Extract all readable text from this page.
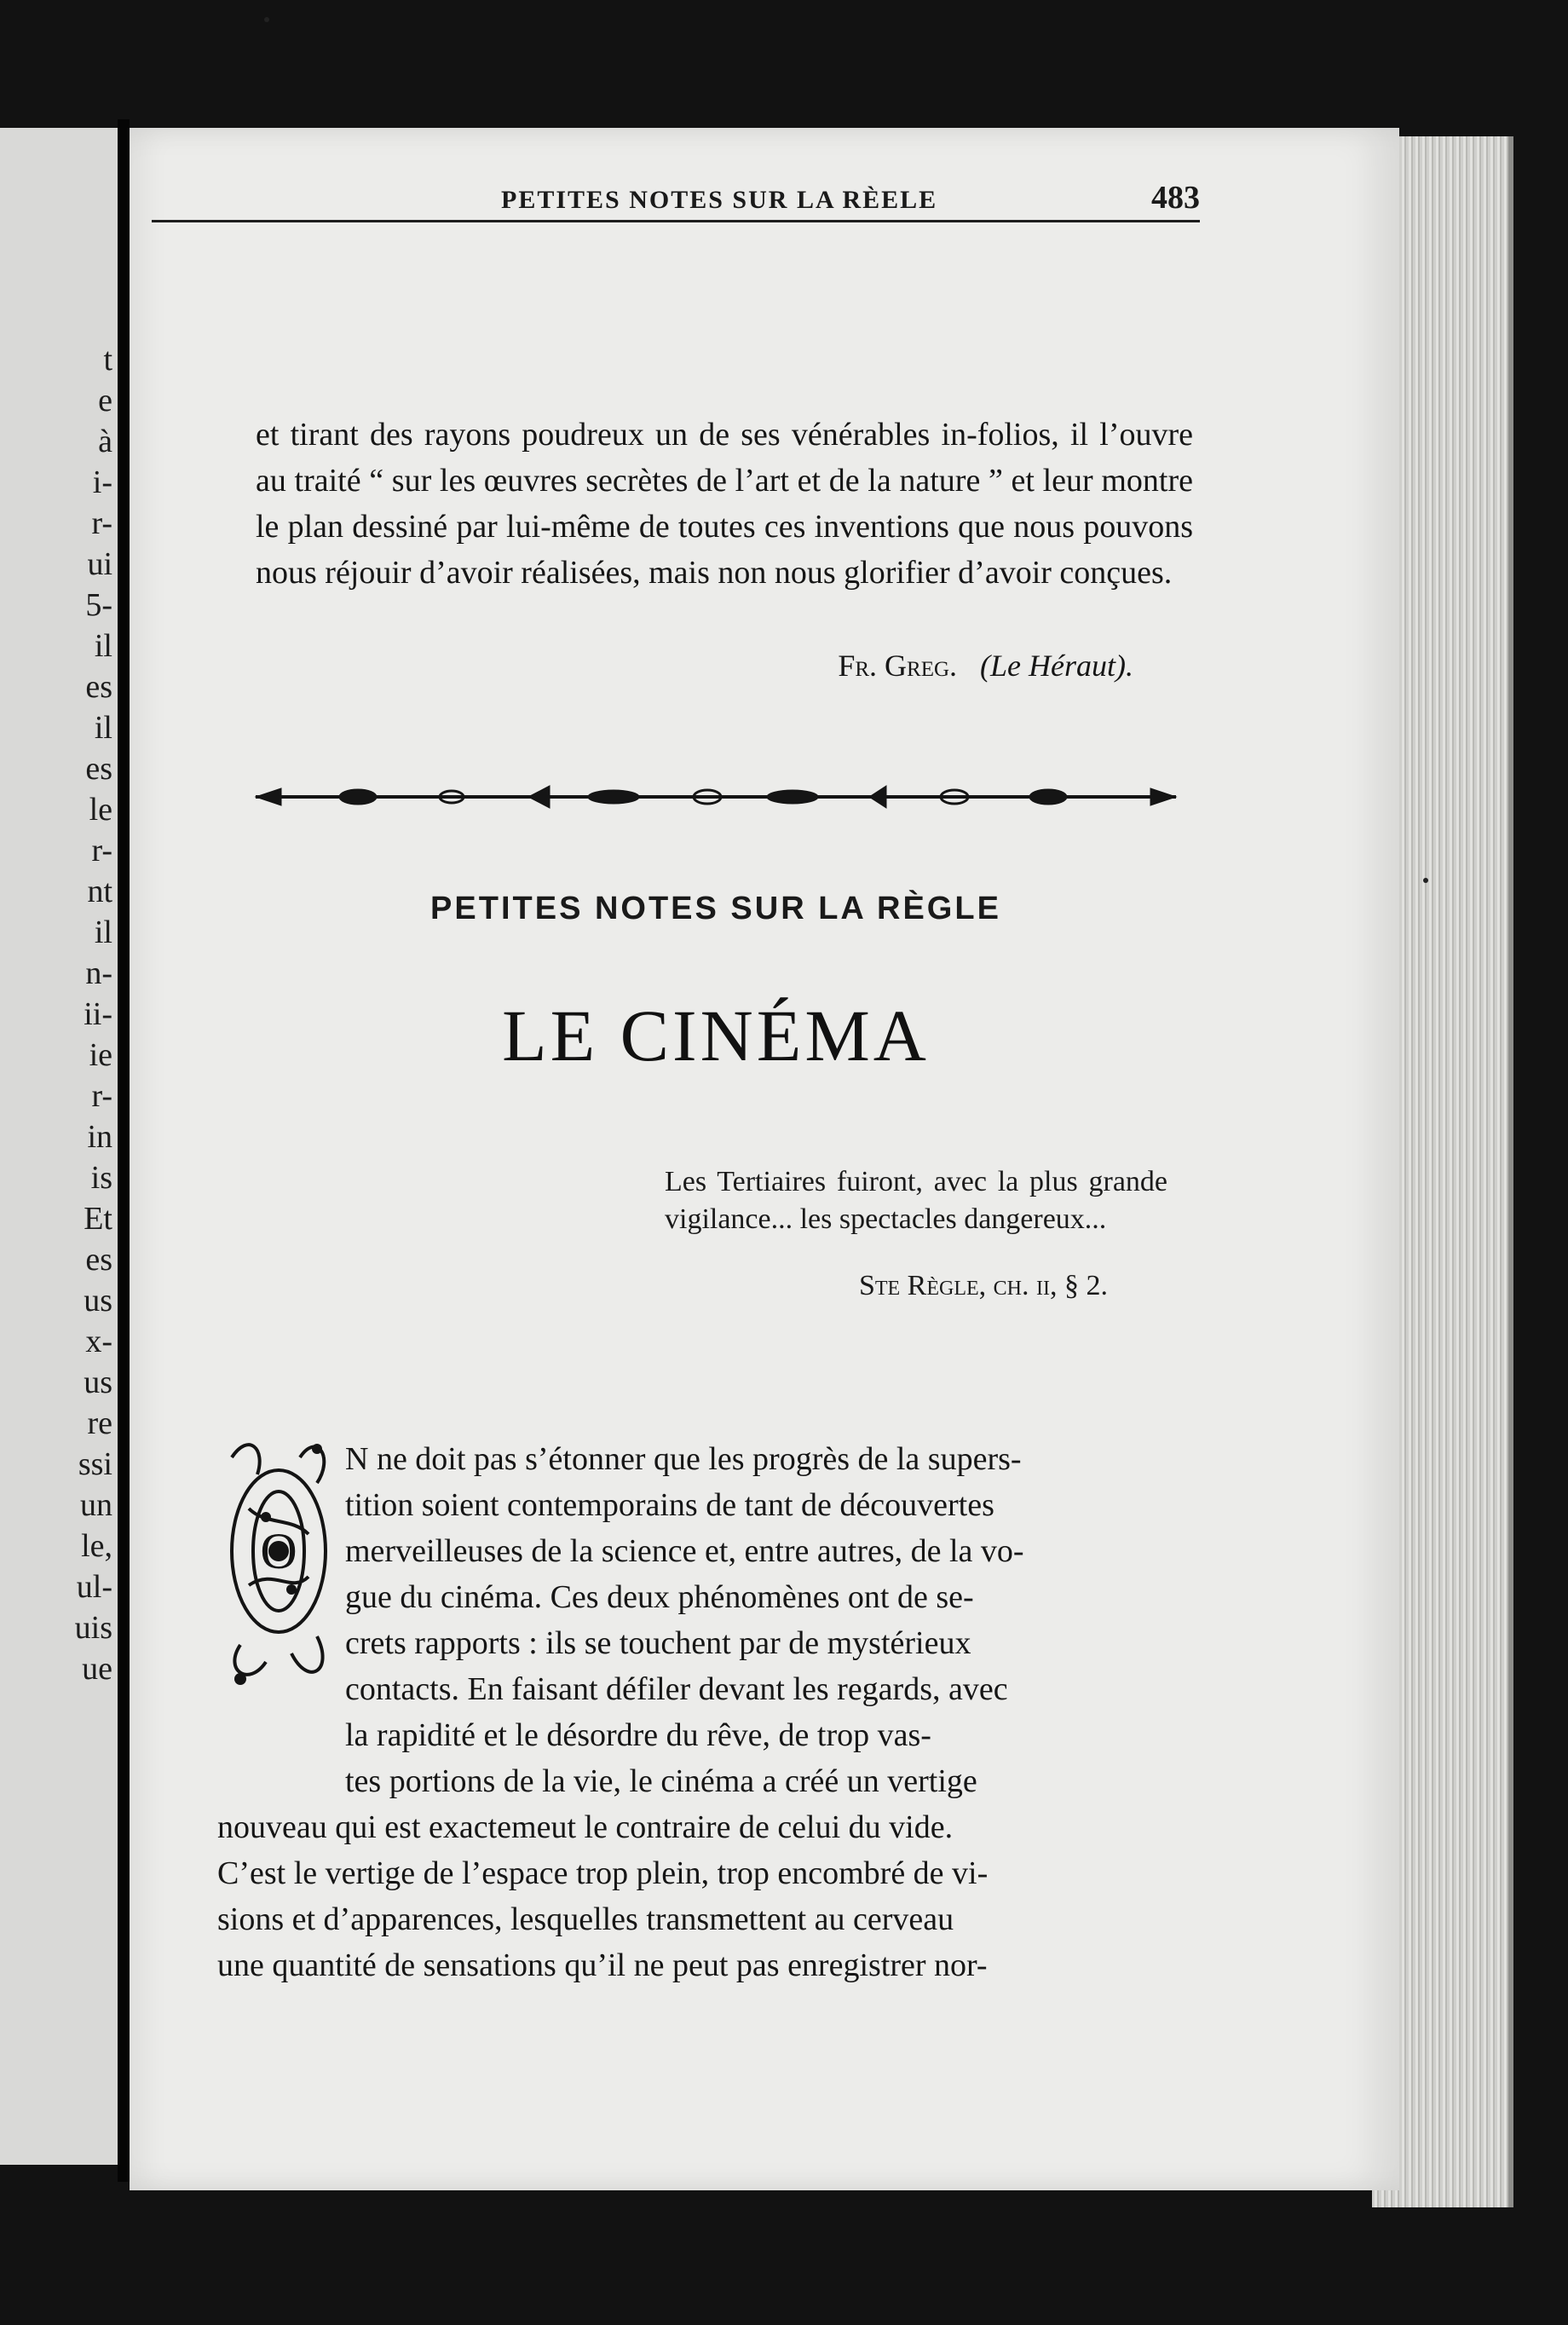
t
e
à
i-
r-
ui
5-
il
es
il
es
le
r-
nt
il
n-
ii-
ie
r-
in
is
Et
es
us
x-
us
re
ssi
un
le,
ul-
uis
ue
PETITES NOTES SUR LA RÈELE	483

et tirant des rayons poudreux un de ses vénérables in-folios, il l’ouvre au traité “ sur les œuvres secrètes de l’art et de la nature ” et leur montre le plan dessiné par lui-même de toutes ces inventions que nous pouvons nous réjouir d’avoir réalisées, mais non nous glorifier d’avoir conçues.

Fr. Greg. (Le Héraut).
PETITES NOTES SUR LA RÈGLE
LE CINÉMA
Les Tertiaires fuiront, avec la plus grande vigilance... les spectacles dangereux...
Ste Règle, ch. ii, § 2.
O
N ne doit pas s’étonner que les progrès de la supers-
tition soient contemporains de tant de découvertes
merveilleuses de la science et, entre autres, de la vo-
gue du cinéma. Ces deux phénomènes ont de se-
crets rapports : ils se touchent par de mystérieux
contacts. En faisant défiler devant les regards, avec
la rapidité et le désordre du rêve, de trop vas-
tes portions de la vie, le cinéma a créé un vertige
nouveau qui est exactemeut le contraire de celui du vide.
C’est le vertige de l’espace trop plein, trop encombré de vi-
sions et d’apparences, lesquelles transmettent au cerveau
une quantité de sensations qu’il ne peut pas enregistrer nor-
